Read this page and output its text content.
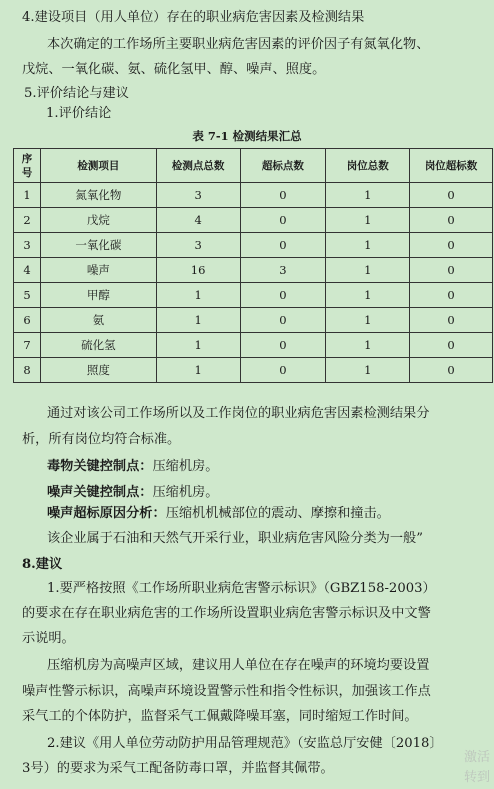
4.建设项目（用人单位）存在的职业病危害因素及检测结果
本次确定的工作场所主要职业病危害因素的评价因子有氮氧化物、
戊烷、一氧化碳、氨、硫化氢甲、醇、噪声、照度。
5.评价结论与建议
1.评价结论
表 7-1 检测结果汇总
序号	检测项目	检测点总数	超标点数	岗位总数	岗位超标数
1	氮氧化物	3	0	1	0
2	戊烷	4	0	1	0
3	一氧化碳	3	0	1	0
4	噪声	16	3	1	0
5	甲醇	1	0	1	0
6	氨	1	0	1	0
7	硫化氢	1	0	1	0
8	照度	1	0	1	0
通过对该公司工作场所以及工作岗位的职业病危害因素检测结果分
析，所有岗位均符合标准。
毒物关键控制点：压缩机房。
噪声关键控制点：压缩机房。
噪声超标原因分析：压缩机机械部位的震动、摩擦和撞击。
该企业属于石油和天然气开采行业，职业病危害风险分类为一般”
8.建议
1.要严格按照《工作场所职业病危害警示标识》（GBZ158-2003）
的要求在存在职业病危害的工作场所设置职业病危害警示标识及中文警
示说明。
压缩机房为高噪声区域，建议用人单位在存在噪声的环境均要设置
噪声性警示标识，高噪声环境设置警示性和指令性标识，加强该工作点
采气工的个体防护，监督采气工佩戴降噪耳塞，同时缩短工作时间。
2.建议《用人单位劳动防护用品管理规范》（安监总厅安健〔2018〕
3号）的要求为采气工配备防毒口罩，并监督其佩带。
激活
转到
